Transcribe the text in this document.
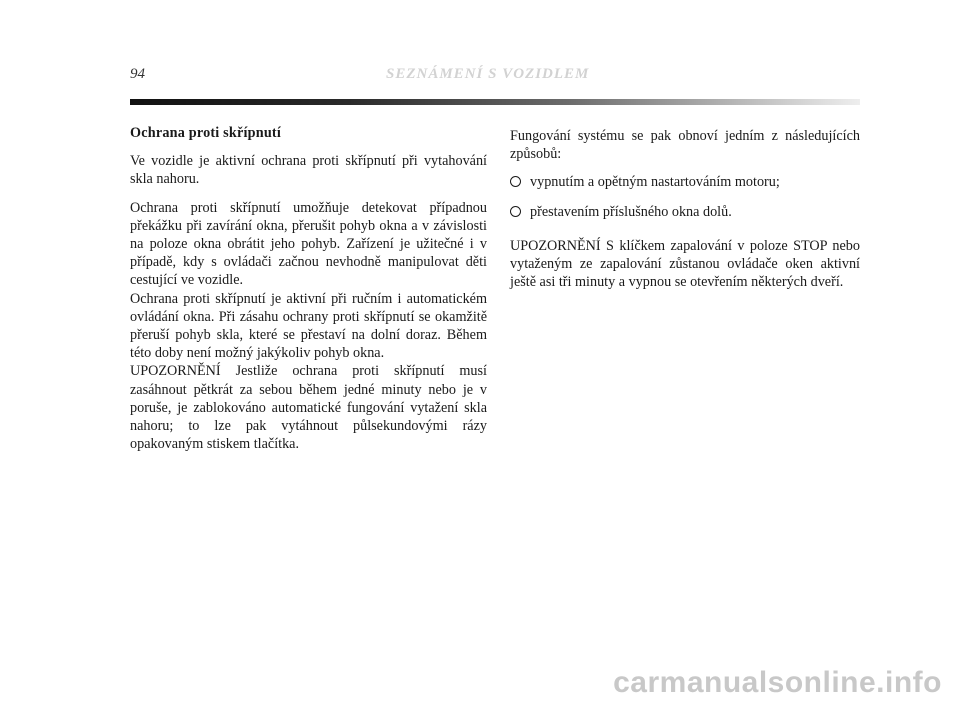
94	SEZNÁMENÍ S VOZIDLEM
Ochrana proti skřípnutí

Ve vozidle je aktivní ochrana proti skřípnutí při vytahování skla nahoru.

Ochrana proti skřípnutí umožňuje detekovat případnou překážku při zavírání okna, přerušit pohyb okna a v závislosti na poloze okna obrátit jeho pohyb. Zařízení je užitečné i v případě, kdy s ovládači začnou nevhodně manipulovat děti cestující ve vozidle.

Ochrana proti skřípnutí je aktivní při ručním i automatickém ovládání okna. Při zásahu ochrany proti skřípnutí se okamžitě přeruší pohyb skla, které se přestaví na dolní doraz. Během této doby není možný jakýkoliv pohyb okna.

UPOZORNĚNÍ Jestliže ochrana proti skřípnutí musí zasáhnout pětkrát za sebou během jedné minuty nebo je v poruše, je zablokováno automatické fungování vytažení skla nahoru; to lze pak vytáhnout půlsekundovými rázy opakovaným stiskem tlačítka.

Fungování systému se pak obnoví jedním z následujících způsobů:

vypnutím a opětným nastartováním motoru;
přestavením příslušného okna dolů.

UPOZORNĚNÍ S klíčkem zapalování v poloze STOP nebo vytaženým ze zapalování zůstanou ovládače oken aktivní ještě asi tři minuty a vypnou se otevřením některých dveří.

carmanualsonline.info
